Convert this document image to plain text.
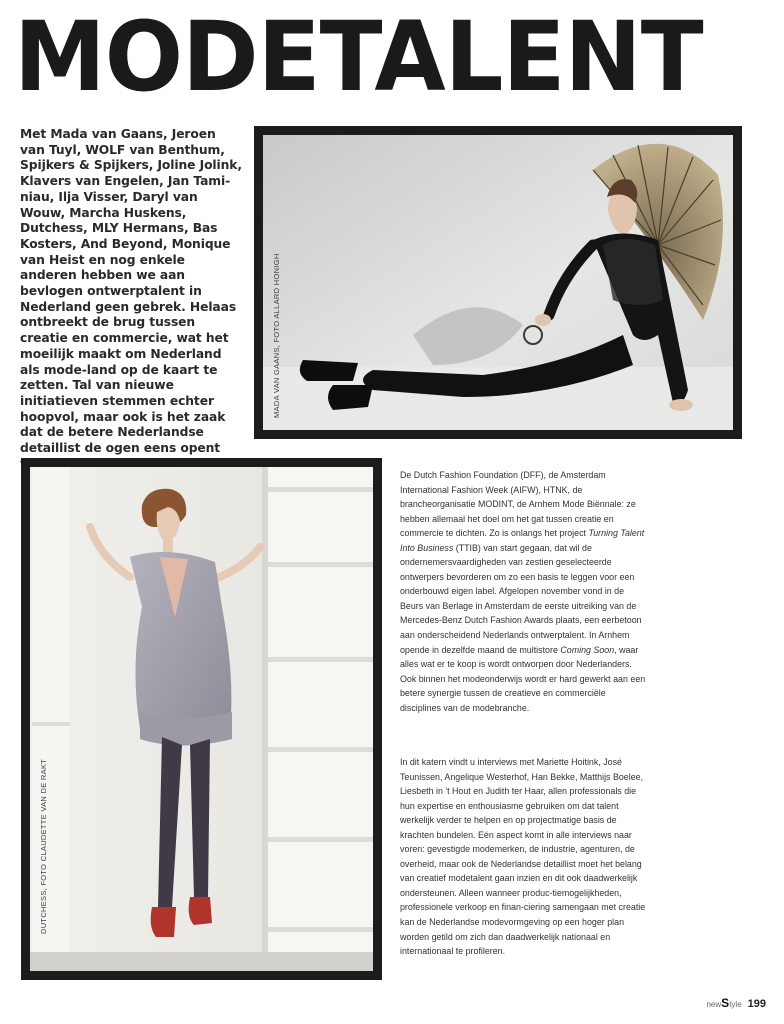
MODETALENT

Met Mada van Gaans, Jeroen van Tuyl, WOLF van Benthum, Spijkers & Spijkers, Joline Jolink, Klavers van Engelen, Jan Tami-niau, Ilja Visser, Daryl van Wouw, Marcha Huskens, Dutchess, MLY Hermans, Bas Kosters, And Beyond, Monique van Heist en nog enkele anderen hebben we aan bevlogen ontwerptalent in Nederland geen gebrek. Helaas ontbreekt de brug tussen creatie en commercie, wat het moeilijk maakt om Nederland als mode-land op de kaart te zetten. Tal van nieuwe initiatieven stemmen echter hoopvol, maar ook is het zaak dat de betere Nederlandse detaillist de ogen eens opent

MADA VAN GAANS, FOTO ALLARD HONIGH
DUTCHESS, FOTO CLAUDETTE VAN DE RAKT

De Dutch Fashion Foundation (DFF), de Amsterdam International Fashion Week (AIFW), HTNK, de brancheorganisatie MODINT, de Arnhem Mode Biënnale: ze hebben allemaal het doel om het gat tussen creatie en commercie te dichten. Zo is onlangs het project Turning Talent Into Business (TTIB) van start gegaan, dat wil de ondernemersvaardigheden van zestien geselecteerde ontwerpers bevorderen om zo een basis te leggen voor een onderbouwd eigen label. Afgelopen november vond in de Beurs van Berlage in Amsterdam de eerste uitreiking van de Mercedes-Benz Dutch Fashion Awards plaats, een eerbetoon aan onderscheidend Nederlands ontwerptalent. In Arnhem opende in dezelfde maand de multistore Coming Soon, waar alles wat er te koop is wordt ontworpen door Nederlanders. Ook binnen het modeonderwijs wordt er hard gewerkt aan een betere synergie tussen de creatieve en commerciële disciplines van de modebranche.

In dit katern vindt u interviews met Mariette Hoitink, José Teunissen, Angelique Westerhof, Han Bekke, Matthijs Boelee, Liesbeth in 't Hout en Judith ter Haar, allen professionals die hun expertise en enthousiasme gebruiken om dat talent werkelijk verder te helpen en op projectmatige basis de krachten bundelen. Eén aspect komt in alle interviews naar voren: gevestigde modemerken, de industrie, agenturen, de overheid, maar ook de Nederlandse detaillist moet het belang van creatief modetalent gaan inzien en dit ook daadwerkelijk ondersteunen. Alleen wanneer produc-tiemogelijkheden, professionele verkoop en finan-ciering samengaan met creatie kan de Nederlandse modevormgeving op een hoger plan worden getild om zich dan daadwerkelijk nationaal en internationaal te profileren.

newStyle 199
